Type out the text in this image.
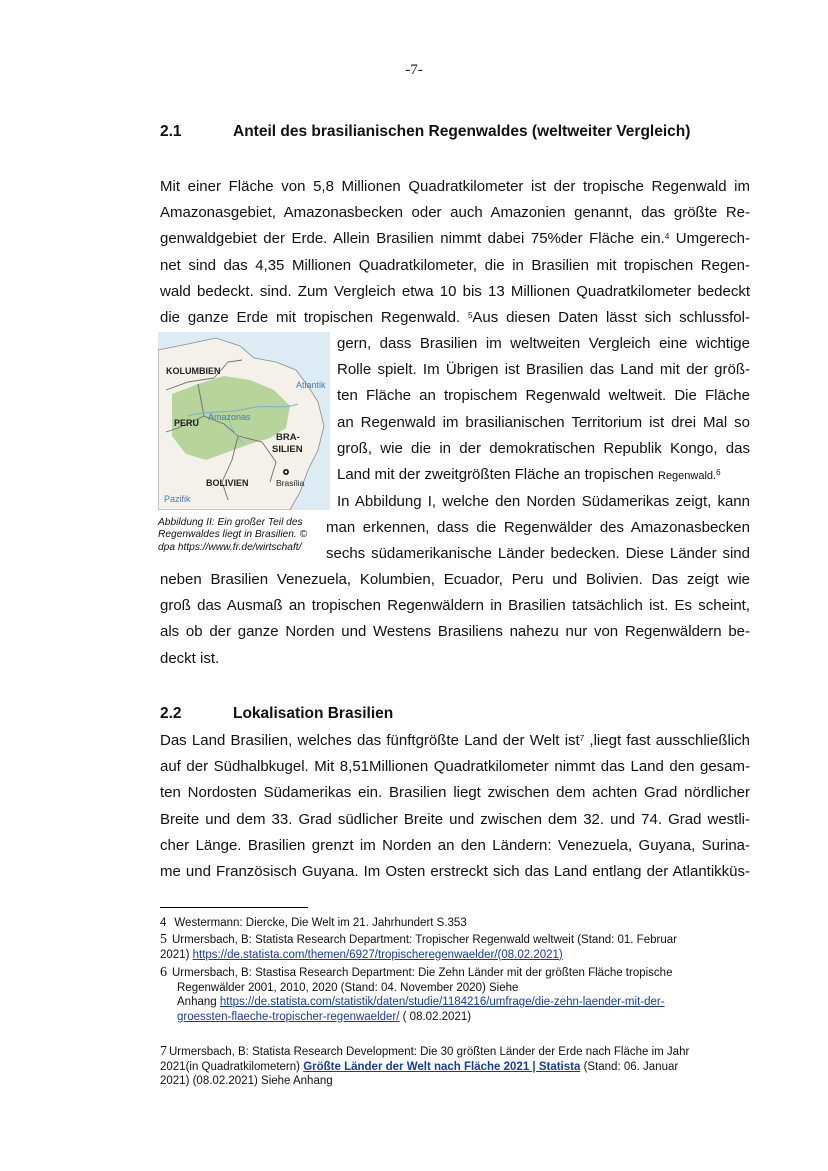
-7-
2.1	Anteil des brasilianischen Regenwaldes (weltweiter Vergleich)

Mit einer Fläche von 5,8 Millionen Quadratkilometer ist der tropische Regenwald im
Amazonasgebiet, Amazonasbecken oder auch Amazonien genannt, das größte Re-
genwaldgebiet der Erde. Allein Brasilien nimmt dabei 75%der Fläche ein.$^4$ Umgerech-
net sind das 4,35 Millionen Quadratkilometer, die in Brasilien mit tropischen Regen-
wald bedeckt. sind. Zum Vergleich etwa 10 bis 13 Millionen Quadratkilometer bedeckt
die ganze Erde mit tropischen Regenwald. $^5$Aus diesen Daten lässt sich schlussfol-

KOLUMBIEN
Atlantik
PERU
Amazonas
BRA-
SILIEN
BOLIVIEN	Brasília
Pazifik

gern, dass Brasilien im weltweiten Vergleich eine wichtige
Rolle spielt. Im Übrigen ist Brasilien das Land mit der größ-
ten Fläche an tropischem Regenwald weltweit. Die Fläche
an Regenwald im brasilianischen Territorium ist drei Mal so
groß, wie die in der demokratischen Republik Kongo, das
Land mit der zweitgrößten Fläche an tropischen Regenwald.$^6$
In Abbildung I, welche den Norden Südamerikas zeigt, kann

Abbildung II: Ein großer Teil des
Regenwaldes liegt in Brasilien. ©
dpa https://www.fr.de/wirtschaft/

man erkennen, dass die Regenwälder des Amazonasbecken
sechs südamerikanische Länder bedecken. Diese Länder sind

neben Brasilien Venezuela, Kolumbien, Ecuador, Peru und Bolivien. Das zeigt wie
groß das Ausmaß an tropischen Regenwäldern in Brasilien tatsächlich ist. Es scheint,
als ob der ganze Norden und Westens Brasiliens nahezu nur von Regenwäldern be-
deckt ist.

2.2	Lokalisation Brasilien

Das Land Brasilien, welches das fünftgrößte Land der Welt ist$^7$ ,liegt fast ausschließlich
auf der Südhalbkugel. Mit 8,51Millionen Quadratkilometer nimmt das Land den gesam-
ten Nordosten Südamerikas ein. Brasilien liegt zwischen dem achten Grad nördlicher
Breite und dem 33. Grad südlicher Breite und zwischen dem 32. und 74. Grad westli-
cher Länge. Brasilien grenzt im Norden an den Ländern: Venezuela, Guyana, Surina-
me und Französisch Guyana. Im Osten erstreckt sich das Land entlang der Atlantikküs-

4 Westermann: Diercke, Die Welt im 21. Jahrhundert S.353
5 Urmersbach, B: Statista Research Department: Tropischer Regenwald weltweit (Stand: 01. Februar
2021) https://de.statista.com/themen/6927/tropischeregenwaelder/(08.02.2021)
6 Urmersbach, B: Stastisa Research Department: Die Zehn Länder mit der größten Fläche tropische
Regenwälder 2001, 2010, 2020 (Stand: 04. November 2020) Siehe
Anhang https://de.statista.com/statistik/daten/studie/1184216/umfrage/die-zehn-laender-mit-der-
groessten-flaeche-tropischer-regenwaelder/ ( 08.02.2021)
7 Urmersbach, B: Statista Research Development: Die 30 größten Länder der Erde nach Fläche im Jahr
2021(in Quadratkilometern) Größte Länder der Welt nach Fläche 2021 | Statista (Stand: 06. Januar
2021) (08.02.2021) Siehe Anhang
